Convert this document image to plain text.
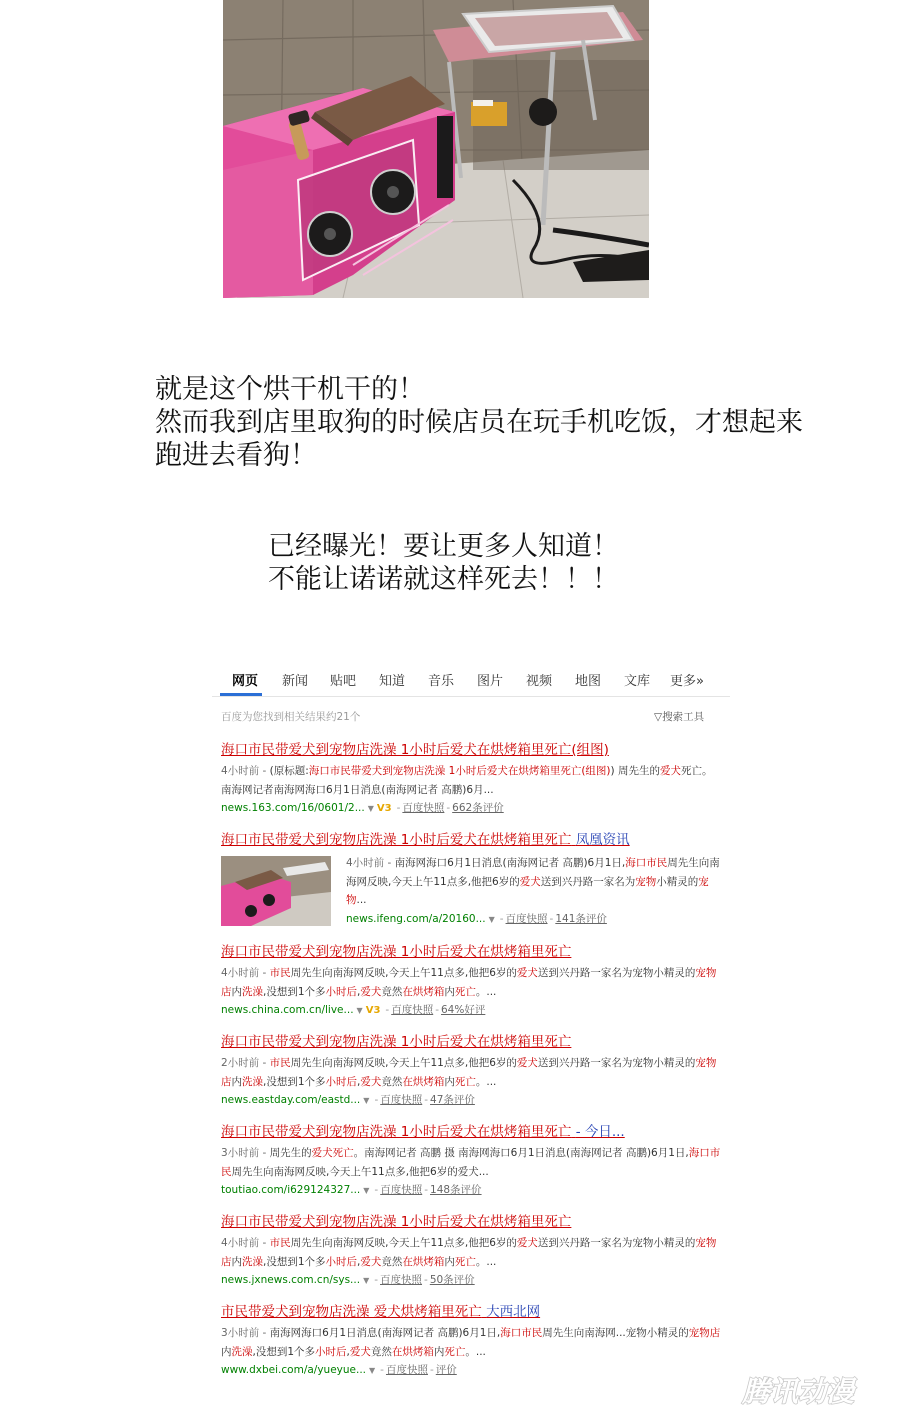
就是这个烘干机干的！
然而我到店里取狗的时候店员在玩手机吃饭，才想起来
跑进去看狗！
已经曝光！要让更多人知道！
不能让诺诺就这样死去！！！
网页 新闻 贴吧 知道 音乐 图片 视频 地图 文库 更多»
百度为您找到相关结果约21个	▽搜索工具
海口市民带爱犬到宠物店洗澡 1小时后爱犬在烘烤箱里死亡(组图)
4小时前 - (原标题:海口市民带爱犬到宠物店洗澡 1小时后爱犬在烘烤箱里死亡(组图)) 周先生的爱犬死亡。南海网记者南海网海口6月1日消息(南海网记者 高鹏)6月...
news.163.com/16/0601/2... ▼ V3 - 百度快照 - 662条评价
海口市民带爱犬到宠物店洗澡 1小时后爱犬在烘烤箱里死亡 凤凰资讯
4小时前 - 南海网海口6月1日消息(南海网记者 高鹏)6月1日,海口市民周先生向南海网反映,今天上午11点多,他把6岁的爱犬送到兴丹路一家名为宠物小精灵的宠物...
news.ifeng.com/a/20160... ▼ - 百度快照 - 141条评价
海口市民带爱犬到宠物店洗澡 1小时后爱犬在烘烤箱里死亡
4小时前 - 市民周先生向南海网反映,今天上午11点多,他把6岁的爱犬送到兴丹路一家名为宠物小精灵的宠物店内洗澡,没想到1个多小时后,爱犬竟然在烘烤箱内死亡。...
news.china.com.cn/live... ▼ V3 - 百度快照 - 64%好评
海口市民带爱犬到宠物店洗澡 1小时后爱犬在烘烤箱里死亡
2小时前 - 市民周先生向南海网反映,今天上午11点多,他把6岁的爱犬送到兴丹路一家名为宠物小精灵的宠物店内洗澡,没想到1个多小时后,爱犬竟然在烘烤箱内死亡。...
news.eastday.com/eastd... ▼ - 百度快照 - 47条评价
海口市民带爱犬到宠物店洗澡 1小时后爱犬在烘烤箱里死亡 - 今日...
3小时前 - 周先生的爱犬死亡。南海网记者 高鹏 摄 南海网海口6月1日消息(南海网记者 高鹏)6月1日,海口市民周先生向南海网反映,今天上午11点多,他把6岁的爱犬...
toutiao.com/i629124327... ▼ - 百度快照 - 148条评价
海口市民带爱犬到宠物店洗澡 1小时后爱犬在烘烤箱里死亡
4小时前 - 市民周先生向南海网反映,今天上午11点多,他把6岁的爱犬送到兴丹路一家名为宠物小精灵的宠物店内洗澡,没想到1个多小时后,爱犬竟然在烘烤箱内死亡。...
news.jxnews.com.cn/sys... ▼ - 百度快照 - 50条评价
市民带爱犬到宠物店洗澡 爱犬烘烤箱里死亡 大西北网
3小时前 - 南海网海口6月1日消息(南海网记者 高鹏)6月1日,海口市民周先生向南海网...宠物小精灵的宠物店内洗澡,没想到1个多小时后,爱犬竟然在烘烤箱内死亡。...
www.dxbei.com/a/yueyue... ▼ - 百度快照 - 评价
腾讯动漫
